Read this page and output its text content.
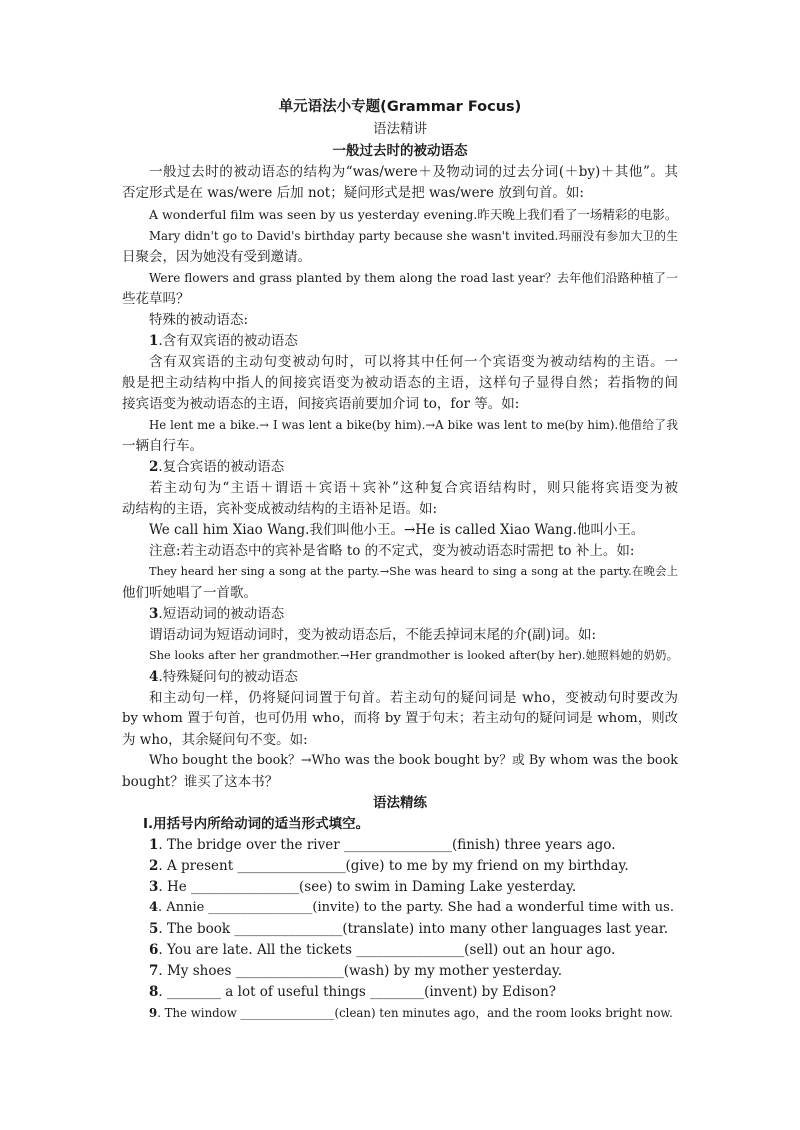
单元语法小专题(Grammar Focus)
语法精讲
一般过去时的被动语态
一般过去时的被动语态的结构为“was/were＋及物动词的过去分词(＋by)＋其他”。其
否定形式是在 was/were 后加 not；疑问形式是把 was/were 放到句首。如:
A wonderful film was seen by us yesterday evening.昨天晚上我们看了一场精彩的电影。
Mary didn't go to David's birthday party because she wasn't invited.玛丽没有参加大卫的生
日聚会，因为她没有受到邀请。
Were flowers and grass planted by them along the road last year？去年他们沿路种植了一
些花草吗？
特殊的被动语态:
1.含有双宾语的被动语态
含有双宾语的主动句变被动句时，可以将其中任何一个宾语变为被动结构的主语。一
般是把主动结构中指人的间接宾语变为被动语态的主语，这样句子显得自然；若指物的间
接宾语变为被动语态的主语，间接宾语前要加介词 to，for 等。如:
He lent me a bike.→ I was lent a bike(by him).→A bike was lent to me(by him).他借给了我
一辆自行车。
2.复合宾语的被动语态
若主动句为“主语＋谓语＋宾语＋宾补”这种复合宾语结构时，则只能将宾语变为被
动结构的主语，宾补变成被动结构的主语补足语。如:
We call him Xiao Wang.我们叫他小王。→He is called Xiao Wang.他叫小王。
注意:若主动语态中的宾补是省略 to 的不定式，变为被动语态时需把 to 补上。如:
They heard her sing a song at the party.→She was heard to sing a song at the party.在晚会上
他们听她唱了一首歌。
3.短语动词的被动语态
谓语动词为短语动词时，变为被动语态后，不能丢掉词末尾的介(副)词。如:
She looks after her grandmother.→Her grandmother is looked after(by her).她照料她的奶奶。
4.特殊疑问句的被动语态
和主动句一样，仍将疑问词置于句首。若主动句的疑问词是 who，变被动句时要改为
by whom 置于句首，也可仍用 who，而将 by 置于句末；若主动句的疑问词是 whom，则改
为 who，其余疑问句不变。如:
Who bought the book？→Who was the book bought by？或 By whom was the book
bought？谁买了这本书？
语法精练
Ⅰ.用括号内所给动词的适当形式填空。
1. The bridge over the river ________________(finish) three years ago.
2. A present ________________(give) to me by my friend on my birthday.
3. He ________________(see) to swim in Daming Lake yesterday.
4. Annie ________________(invite) to the party. She had a wonderful time with us.
5. The book ________________(translate) into many other languages last year.
6. You are late. All the tickets ________________(sell) out an hour ago.
7. My shoes ________________(wash) by my mother yesterday.
8. ________ a lot of useful things ________(invent) by Edison?
9. The window ________________(clean) ten minutes ago，and the room looks bright now.
